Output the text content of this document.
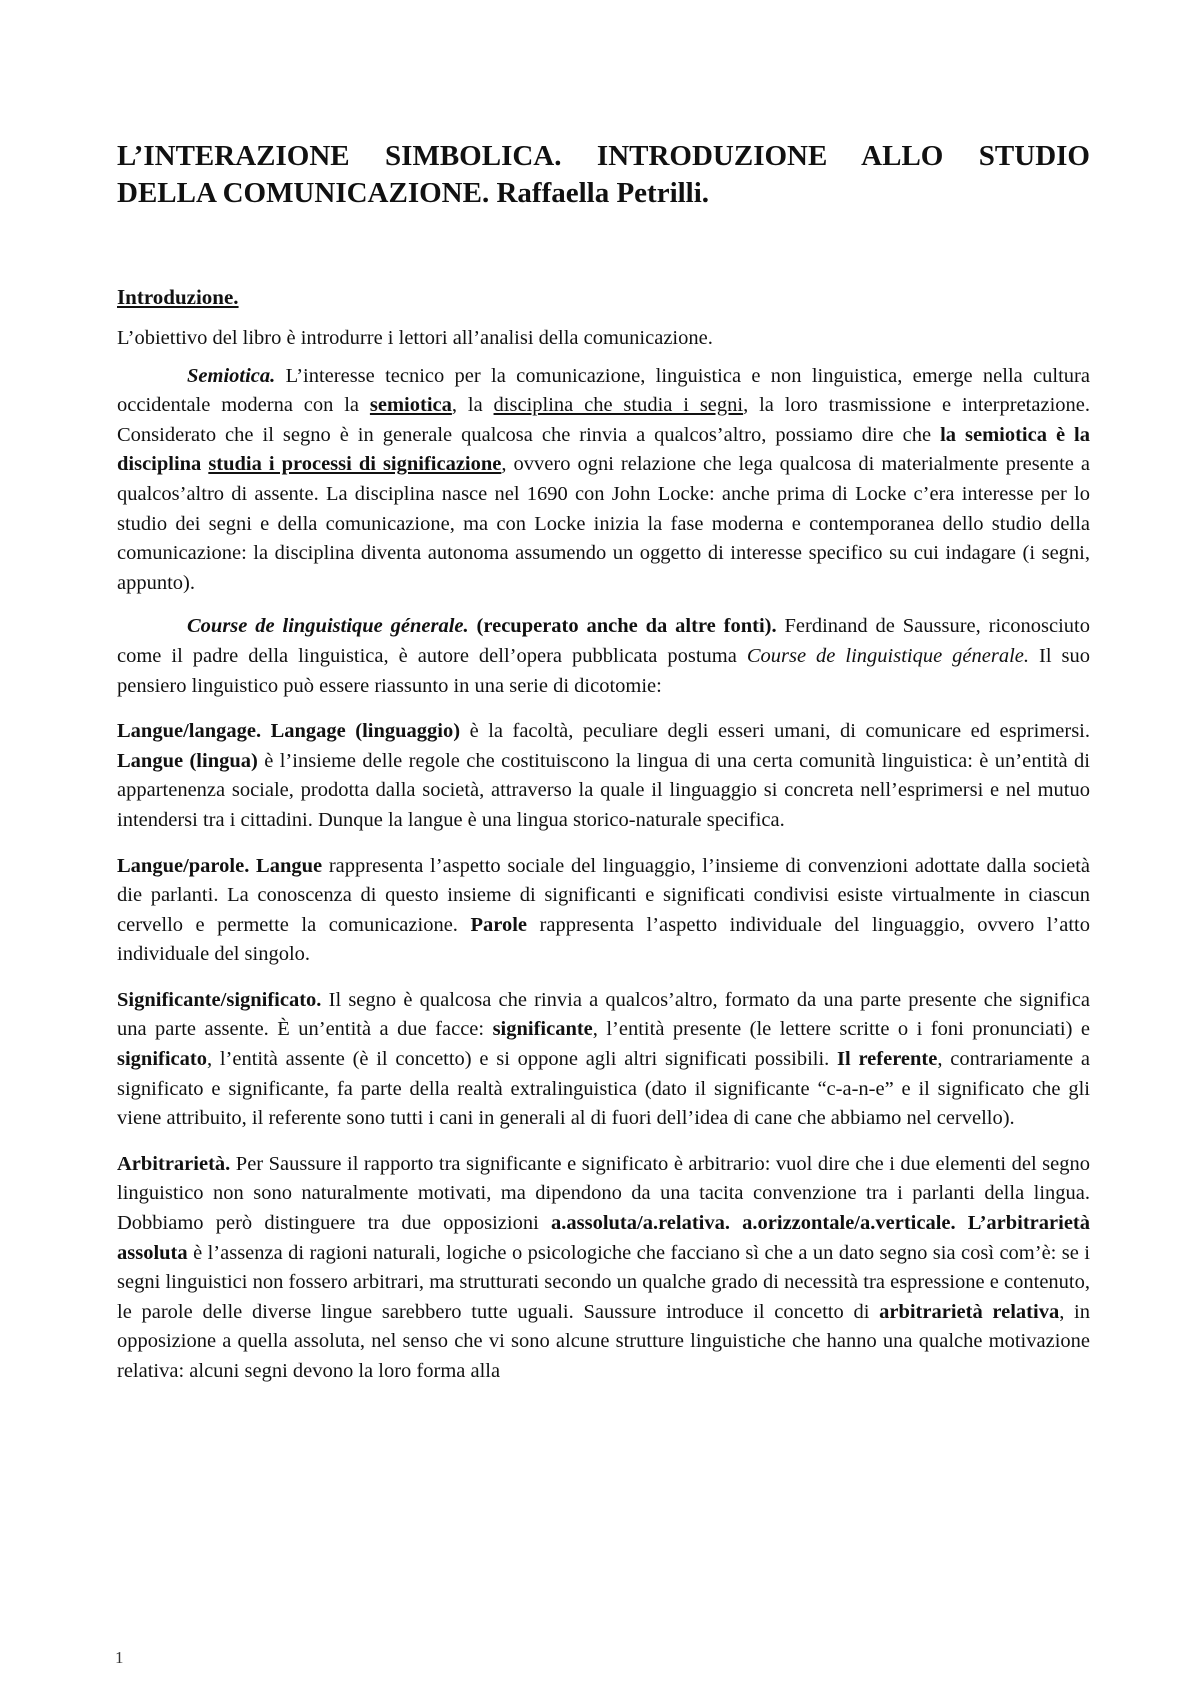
L’INTERAZIONE SIMBOLICA. INTRODUZIONE ALLO STUDIO
DELLA COMUNICAZIONE. Raffaella Petrilli.
Introduzione.

L’obiettivo del libro è introdurre i lettori all’analisi della comunicazione.

Semiotica. L’interesse tecnico per la comunicazione, linguistica e non linguistica, emerge nella cultura occidentale moderna con la semiotica, la disciplina che studia i segni, la loro trasmissione e interpretazione. Considerato che il segno è in generale qualcosa che rinvia a qualcos’altro, possiamo dire che la semiotica è la disciplina studia i processi di significazione, ovvero ogni relazione che lega qualcosa di materialmente presente a qualcos’altro di assente. La disciplina nasce nel 1690 con John Locke: anche prima di Locke c’era interesse per lo studio dei segni e della comunicazione, ma con Locke inizia la fase moderna e contemporanea dello studio della comunicazione: la disciplina diventa autonoma assumendo un oggetto di interesse specifico su cui indagare (i segni, appunto).

Course de linguistique génerale. (recuperato anche da altre fonti). Ferdinand de Saussure, riconosciuto come il padre della linguistica, è autore dell’opera pubblicata postuma Course de linguistique génerale. Il suo pensiero linguistico può essere riassunto in una serie di dicotomie:

Langue/langage. Langage (linguaggio) è la facoltà, peculiare degli esseri umani, di comunicare ed esprimersi. Langue (lingua) è l’insieme delle regole che costituiscono la lingua di una certa comunità linguistica: è un’entità di appartenenza sociale, prodotta dalla società, attraverso la quale il linguaggio si concreta nell’esprimersi e nel mutuo intendersi tra i cittadini. Dunque la langue è una lingua storico-naturale specifica.

Langue/parole. Langue rappresenta l’aspetto sociale del linguaggio, l’insieme di convenzioni adottate dalla società die parlanti. La conoscenza di questo insieme di significanti e significati condivisi esiste virtualmente in ciascun cervello e permette la comunicazione. Parole rappresenta l’aspetto individuale del linguaggio, ovvero l’atto individuale del singolo.

Significante/significato. Il segno è qualcosa che rinvia a qualcos’altro, formato da una parte presente che significa una parte assente. È un’entità a due facce: significante, l’entità presente (le lettere scritte o i foni pronunciati) e significato, l’entità assente (è il concetto) e si oppone agli altri significati possibili. Il referente, contrariamente a significato e significante, fa parte della realtà extralinguistica (dato il significante “c-a-n-e” e il significato che gli viene attribuito, il referente sono tutti i cani in generali al di fuori dell’idea di cane che abbiamo nel cervello).

Arbitrarietà. Per Saussure il rapporto tra significante e significato è arbitrario: vuol dire che i due elementi del segno linguistico non sono naturalmente motivati, ma dipendono da una tacita convenzione tra i parlanti della lingua. Dobbiamo però distinguere tra due opposizioni a.assoluta/a.relativa. a.orizzontale/a.verticale. L’arbitrarietà assoluta è l’assenza di ragioni naturali, logiche o psicologiche che facciano sì che a un dato segno sia così com’è: se i segni linguistici non fossero arbitrari, ma strutturati secondo un qualche grado di necessità tra espressione e contenuto, le parole delle diverse lingue sarebbero tutte uguali. Saussure introduce il concetto di arbitrarietà relativa, in opposizione a quella assoluta, nel senso che vi sono alcune strutture linguistiche che hanno una qualche motivazione relativa: alcuni segni devono la loro forma alla

1
